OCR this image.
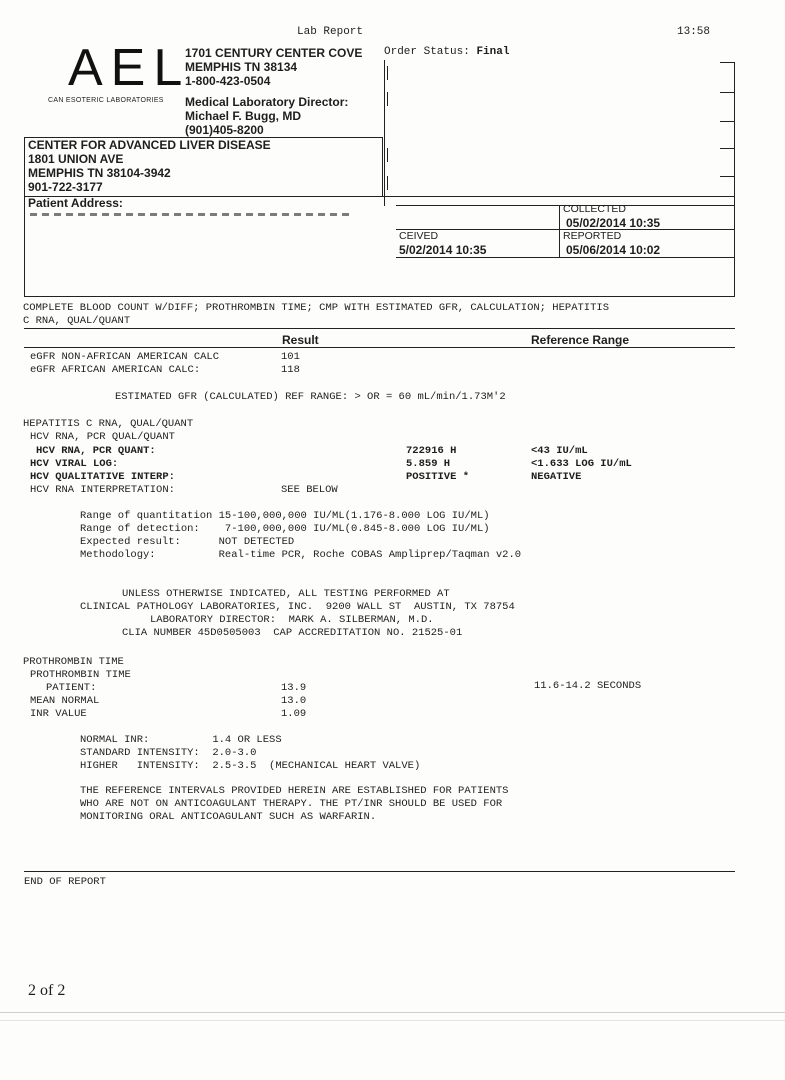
Lab Report	13:58
AEL
CAN ESOTERIC LABORATORIES
1701 CENTURY CENTER COVE
MEMPHIS TN 38134
1-800-423-0504
Medical Laboratory Director:
Michael F. Bugg, MD
(901)405-8200
Order Status: Final
CENTER FOR ADVANCED LIVER DISEASE
1801 UNION AVE
MEMPHIS TN 38104-3942
901-722-3177
Patient Address:	COLLECTED
05/02/2014 10:35
CEIVED
5/02/2014 10:35
REPORTED
05/06/2014 10:02
COMPLETE BLOOD COUNT W/DIFF; PROTHROMBIN TIME; CMP WITH ESTIMATED GFR, CALCULATION; HEPATITIS
C RNA, QUAL/QUANT
Result	Reference Range
eGFR NON-AFRICAN AMERICAN CALC	101
eGFR AFRICAN AMERICAN CALC:	118
ESTIMATED GFR (CALCULATED) REF RANGE: > OR = 60 mL/min/1.73M'2
HEPATITIS C RNA, QUAL/QUANT
HCV RNA, PCR QUAL/QUANT
HCV RNA, PCR QUANT:	722916 H	<43 IU/mL
HCV VIRAL LOG:	5.859 H	<1.633 LOG IU/mL
HCV QUALITATIVE INTERP:	POSITIVE *	NEGATIVE
HCV RNA INTERPRETATION:	SEE BELOW
Range of quantitation 15-100,000,000 IU/ML(1.176-8.000 LOG IU/ML)
Range of detection:    7-100,000,000 IU/ML(0.845-8.000 LOG IU/ML)
Expected result:      NOT DETECTED
Methodology:          Real-time PCR, Roche COBAS Ampliprep/Taqman v2.0
UNLESS OTHERWISE INDICATED, ALL TESTING PERFORMED AT
CLINICAL PATHOLOGY LABORATORIES, INC.  9200 WALL ST  AUSTIN, TX 78754
LABORATORY DIRECTOR:  MARK A. SILBERMAN, M.D.
CLIA NUMBER 45D0505003  CAP ACCREDITATION NO. 21525-01
PROTHROMBIN TIME
PROTHROMBIN TIME
PATIENT:	13.9	11.6-14.2 SECONDS
MEAN NORMAL	13.0
INR VALUE	1.09
NORMAL INR:          1.4 OR LESS
STANDARD INTENSITY:  2.0-3.0
HIGHER   INTENSITY:  2.5-3.5  (MECHANICAL HEART VALVE)
THE REFERENCE INTERVALS PROVIDED HEREIN ARE ESTABLISHED FOR PATIENTS
WHO ARE NOT ON ANTICOAGULANT THERAPY. THE PT/INR SHOULD BE USED FOR
MONITORING ORAL ANTICOAGULANT SUCH AS WARFARIN.
END OF REPORT
2 of 2
